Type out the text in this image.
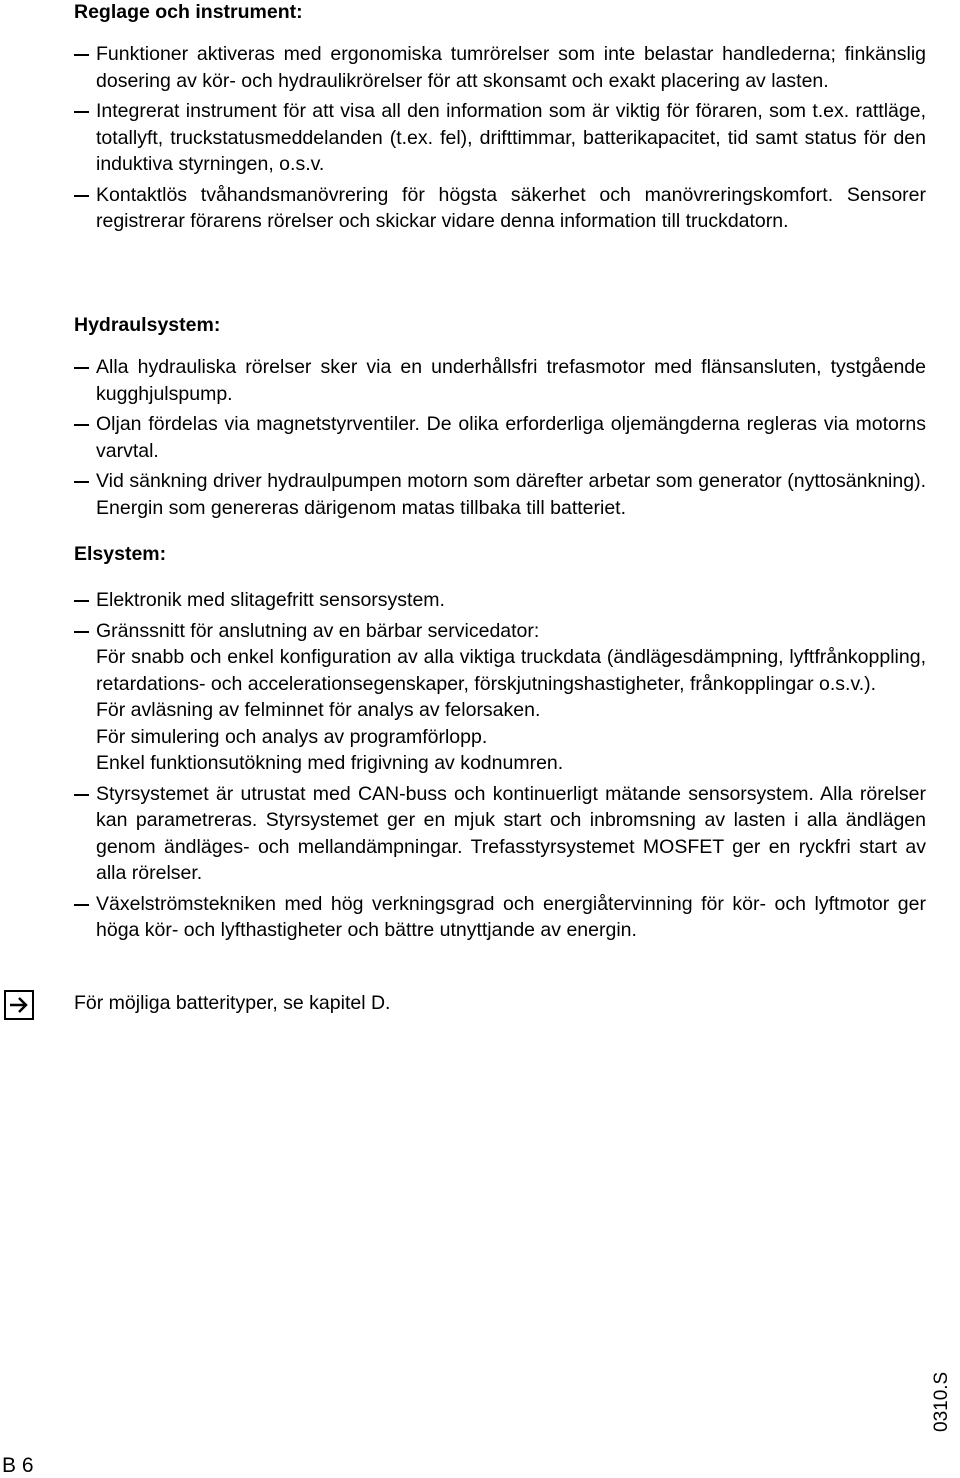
Reglage och instrument:
Funktioner aktiveras med ergonomiska tumrörelser som inte belastar handlederna; finkänslig dosering av kör- och hydraulikrörelser för att skonsamt och exakt placering av lasten.
Integrerat instrument för att visa all den information som är viktig för föraren, som t.ex. rattläge, totallyft, truckstatusmeddelanden (t.ex. fel), drifttimmar, batterikapacitet, tid samt status för den induktiva styrningen, o.s.v.
Kontaktlös tvåhandsmanövrering för högsta säkerhet och manövreringskomfort. Sensorer registrerar förarens rörelser och skickar vidare denna information till truckdatorn.
Hydraulsystem:
Alla hydrauliska rörelser sker via en underhållsfri trefasmotor med flänsansluten, tystgående kugghjulspump.
Oljan fördelas via magnetstyrventiler. De olika erforderliga oljemängderna regleras via motorns varvtal.
Vid sänkning driver hydraulpumpen motorn som därefter arbetar som generator (nyttosänkning). Energin som genereras därigenom matas tillbaka till batteriet.
Elsystem:
Elektronik med slitagefritt sensorsystem.
Gränssnitt för anslutning av en bärbar servicedator:
För snabb och enkel konfiguration av alla viktiga truckdata (ändlägesdämpning, lyftfrånkoppling, retardations- och accelerationsegenskaper, förskjutningshastigheter, frånkopplingar o.s.v.).
För avläsning av felminnet för analys av felorsaken.
För simulering och analys av programförlopp.
Enkel funktionsutökning med frigivning av kodnumren.
Styrsystemet är utrustat med CAN-buss och kontinuerligt mätande sensorsystem. Alla rörelser kan parametreras. Styrsystemet ger en mjuk start och inbromsning av lasten i alla ändlägen genom ändläges- och mellandämpningar. Trefasstyrsystemet MOSFET ger en ryckfri start av alla rörelser.
Växelströmstekniken med hög verkningsgrad och energiåtervinning för kör- och lyftmotor ger höga kör- och lyfthastigheter och bättre utnyttjande av energin.
För möjliga batterityper, se kapitel D.
0310.S
B 6
